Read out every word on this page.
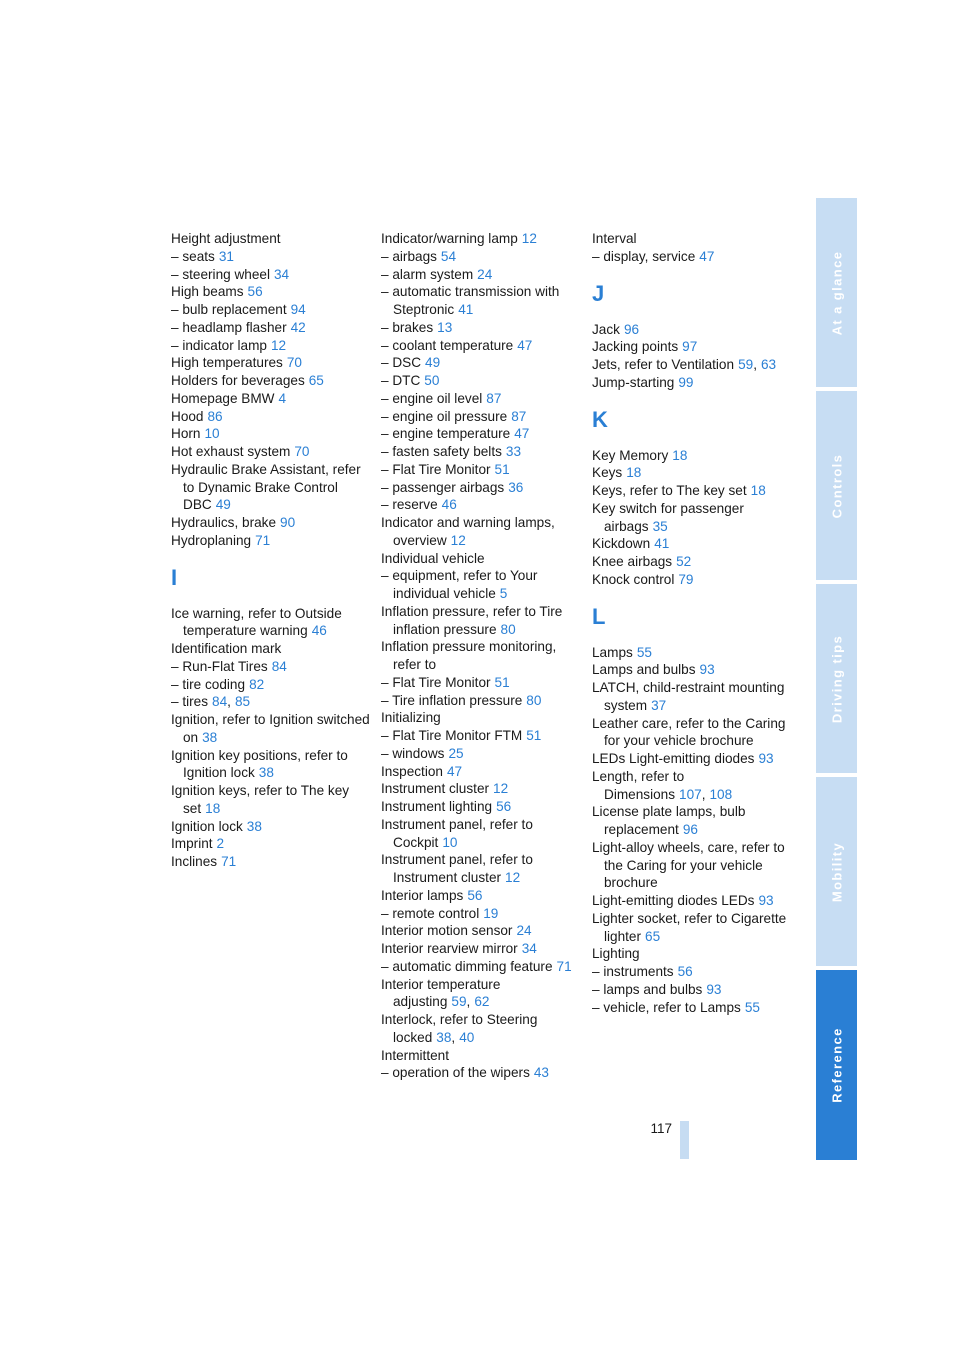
Height adjustment
– seats 31
– steering wheel 34
High beams 56
– bulb replacement 94
– headlamp flasher 42
– indicator lamp 12
High temperatures 70
Holders for beverages 65
Homepage BMW 4
Hood 86
Horn 10
Hot exhaust system 70
Hydraulic Brake Assistant, refer to Dynamic Brake Control DBC 49
Hydraulics, brake 90
Hydroplaning 71
I
Ice warning, refer to Outside temperature warning 46
Identification mark
– Run-Flat Tires 84
– tire coding 82
– tires 84, 85
Ignition, refer to Ignition switched on 38
Ignition key positions, refer to Ignition lock 38
Ignition keys, refer to The key set 18
Ignition lock 38
Imprint 2
Inclines 71
Indicator/warning lamp 12
– airbags 54
– alarm system 24
– automatic transmission with Steptronic 41
– brakes 13
– coolant temperature 47
– DSC 49
– DTC 50
– engine oil level 87
– engine oil pressure 87
– engine temperature 47
– fasten safety belts 33
– Flat Tire Monitor 51
– passenger airbags 36
– reserve 46
Indicator and warning lamps, overview 12
Individual vehicle
– equipment, refer to Your individual vehicle 5
Inflation pressure, refer to Tire inflation pressure 80
Inflation pressure monitoring, refer to
– Flat Tire Monitor 51
– Tire inflation pressure 80
Initializing
– Flat Tire Monitor FTM 51
– windows 25
Inspection 47
Instrument cluster 12
Instrument lighting 56
Instrument panel, refer to Cockpit 10
Instrument panel, refer to Instrument cluster 12
Interior lamps 56
– remote control 19
Interior motion sensor 24
Interior rearview mirror 34
– automatic dimming feature 71
Interior temperature adjusting 59, 62
Interlock, refer to Steering locked 38, 40
Intermittent
– operation of the wipers 43
Interval
– display, service 47
J
Jack 96
Jacking points 97
Jets, refer to Ventilation 59, 63
Jump-starting 99
K
Key Memory 18
Keys 18
Keys, refer to The key set 18
Key switch for passenger airbags 35
Kickdown 41
Knee airbags 52
Knock control 79
L
Lamps 55
Lamps and bulbs 93
LATCH, child-restraint mounting system 37
Leather care, refer to the Caring for your vehicle brochure
LEDs Light-emitting diodes 93
Length, refer to Dimensions 107, 108
License plate lamps, bulb replacement 96
Light-alloy wheels, care, refer to the Caring for your vehicle brochure
Light-emitting diodes LEDs 93
Lighter socket, refer to Cigarette lighter 65
Lighting
– instruments 56
– lamps and bulbs 93
– vehicle, refer to Lamps 55
117
At a glance
Controls
Driving tips
Mobility
Reference
